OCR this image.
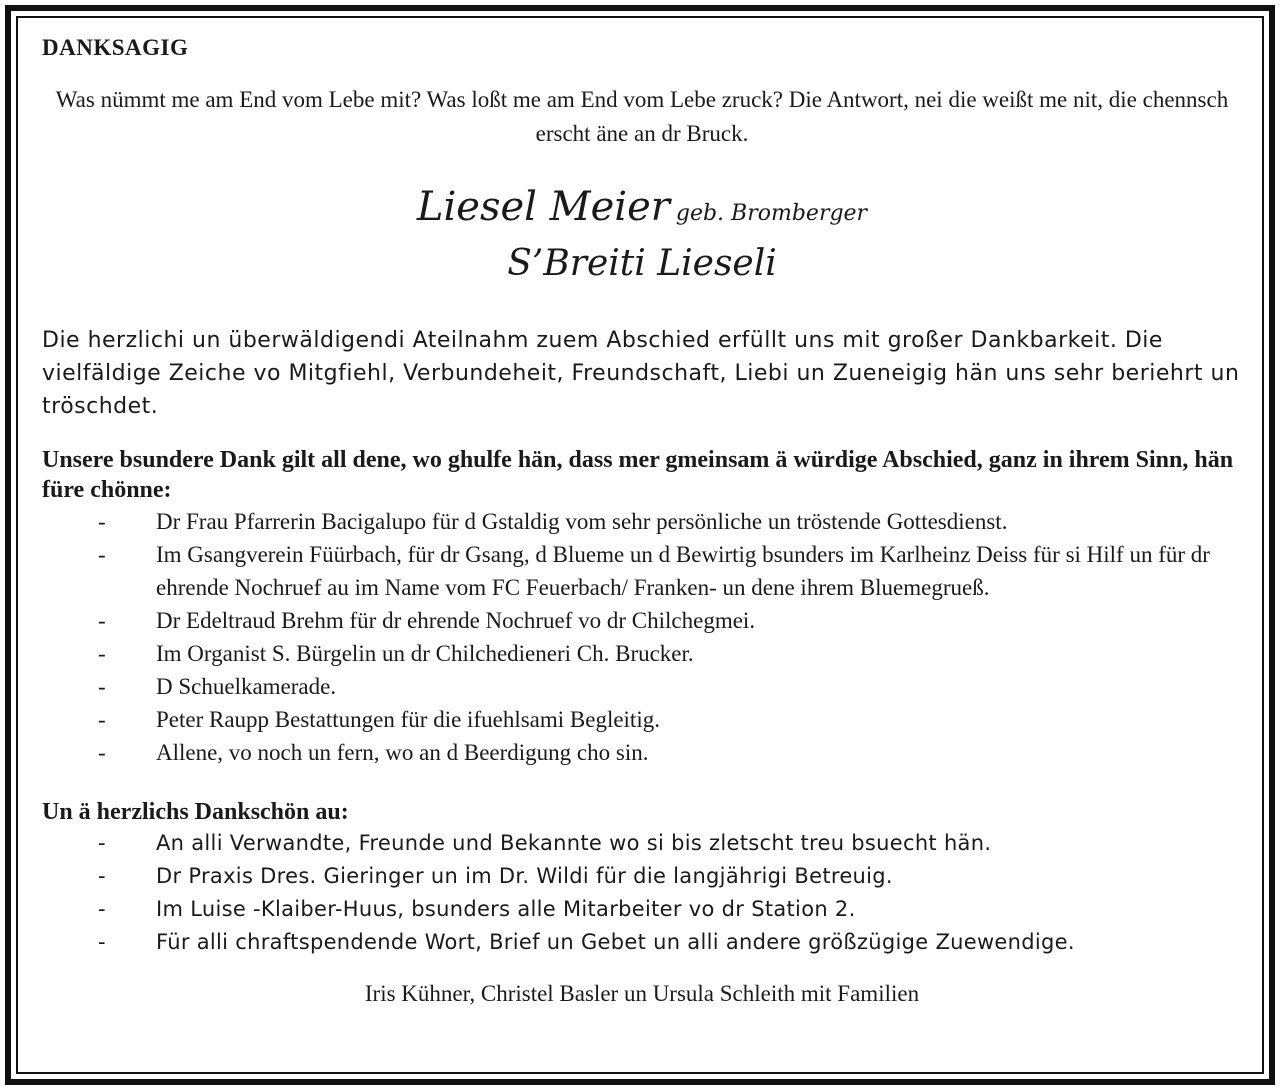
DANKSAGIG

Was nümmt me am End vom Lebe mit? Was loßt me am End vom Lebe zruck? Die Antwort, nei die weißt me nit, die chennsch erscht äne an dr Bruck.

Liesel Meier geb. Bromberger
S’Breiti Lieseli

Die herzlichi un überwäldigendi Ateilnahm zuem Abschied erfüllt uns mit großer Dankbarkeit. Die vielfäldige Zeiche vo Mitgfiehl, Verbundeheit, Freundschaft, Liebi un Zueneigig hän uns sehr beriehrt un tröschdet.

Unsere bsundere Dank gilt all dene, wo ghulfe hän, dass mer gmeinsam ä würdige Abschied, ganz in ihrem Sinn, hän füre chönne:

- Dr Frau Pfarrerin Bacigalupo für d Gstaldig vom sehr persönliche un tröstende Gottesdienst.
- Im Gsangverein Füürbach, für dr Gsang, d Blueme un d Bewirtig bsunders im Karlheinz Deiss für si Hilf un für dr ehrende Nochruef au im Name vom FC Feuerbach/ Franken- un dene ihrem Bluemegrueß.
- Dr Edeltraud Brehm für dr ehrende Nochruef vo dr Chilchegmei.
- Im Organist S. Bürgelin un dr Chilchedieneri Ch. Brucker.
- D Schuelkamerade.
- Peter Raupp Bestattungen für die ifuehlsami Begleitig.
- Allene, vo noch un fern, wo an d Beerdigung cho sin.

Un ä herzlichs Dankschön au:

- An alli Verwandte, Freunde und Bekannte wo si bis zletscht treu bsuecht hän.
- Dr Praxis Dres. Gieringer un im Dr. Wildi für die langjährigi Betreuig.
- Im Luise -Klaiber-Huus, bsunders alle Mitarbeiter vo dr Station 2.
- Für alli chraftspendende Wort, Brief un Gebet un alli andere größzügige Zuewendige.

Iris Kühner, Christel Basler un Ursula Schleith mit Familien
